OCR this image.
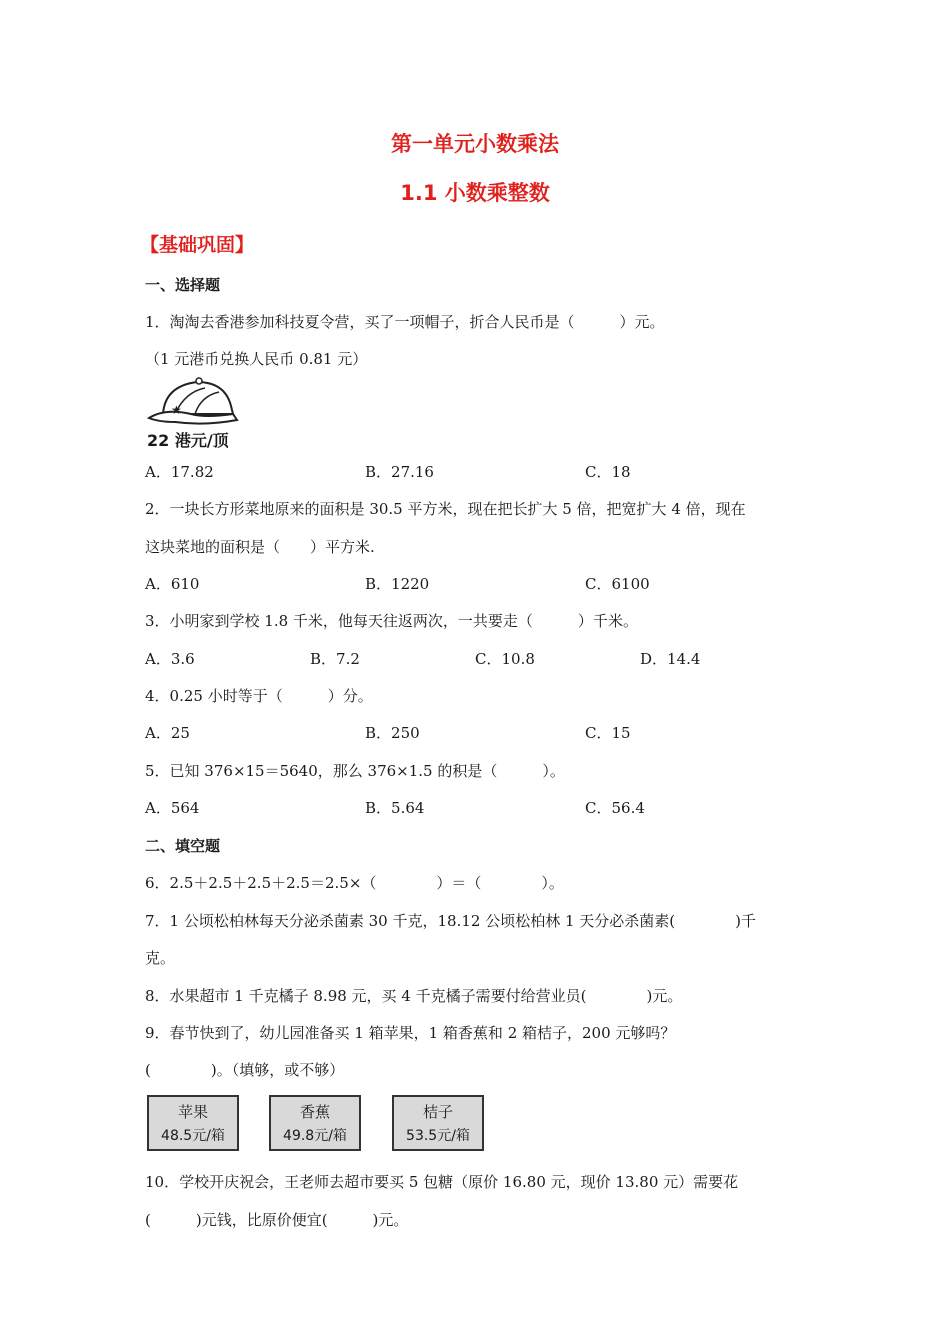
第一单元小数乘法
1.1 小数乘整数
【基础巩固】
一、选择题
1．淘淘去香港参加科技夏令营，买了一项帽子，折合人民币是（　　　）元。
（1 元港币兑换人民币 0.81 元）
★
22 港元/顶
A．17.82	B．27.16	C．18
2．一块长方形菜地原来的面积是 30.5 平方米，现在把长扩大 5 倍，把宽扩大 4 倍，现在
这块菜地的面积是（　　）平方米.
A．610	B．1220	C．6100
3．小明家到学校 1.8 千米，他每天往返两次，一共要走（　　　）千米。
A．3.6	B．7.2	C．10.8	D．14.4
4．0.25 小时等于（　　　）分。
A．25	B．250	C．15
5．已知 376×15＝5640，那么 376×1.5 的积是（　　　）。
A．564	B．5.64	C．56.4
二、填空题
6．2.5＋2.5＋2.5＋2.5＝2.5×（　　　　）＝（　　　　）。
7．1 公顷松柏林每天分泌杀菌素 30 千克，18.12 公顷松柏林 1 天分必杀菌素(　　　　)千
克。
8．水果超市 1 千克橘子 8.98 元，买 4 千克橘子需要付给营业员(　　　　)元。
9．春节快到了，幼儿园准备买 1 箱苹果，1 箱香蕉和 2 箱桔子，200 元够吗？
(　　　　)。（填够，或不够）
苹果
48.5元/箱
香蕉
49.8元/箱
桔子
53.5元/箱
10．学校开庆祝会，王老师去超市要买 5 包糖（原价 16.80 元，现价 13.80 元）需要花
(　　　)元钱，比原价便宜(　　　)元。
